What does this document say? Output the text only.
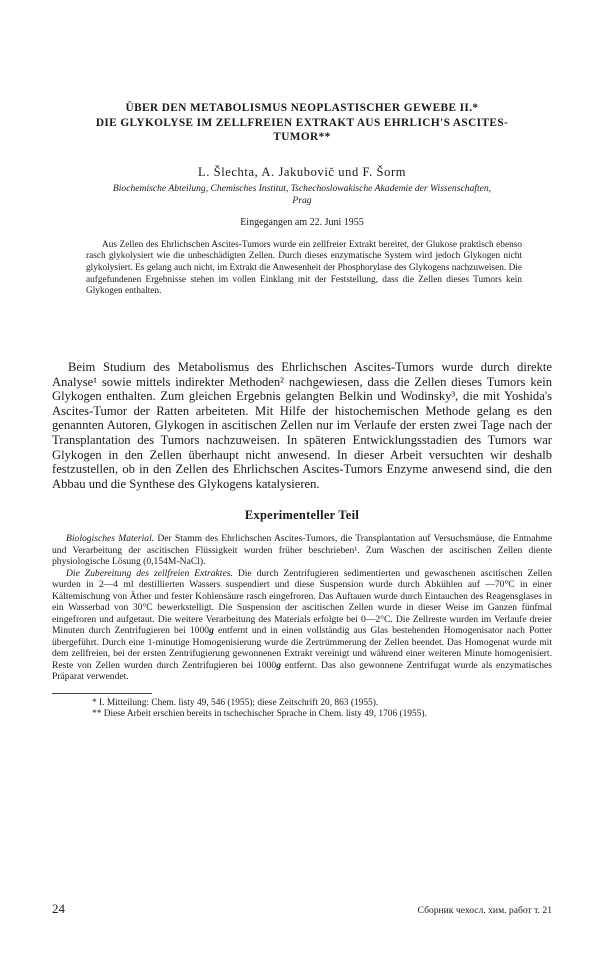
ÜBER DEN METABOLISMUS NEOPLASTISCHER GEWEBE II.*
DIE GLYKOLYSE IM ZELLFREIEN EXTRAKT AUS EHRLICH'S ASCITES-
TUMOR**
L. Šlechta, A. Jakubovič und F. Šorm
Biochemische Abteilung, Chemisches Institut, Tschechoslowakische Akademie der Wissenschaften,
Prag
Eingegangen am 22. Juni 1955

Aus Zellen des Ehrlichschen Ascites-Tumors wurde ein zellfreier Extrakt bereitet, der Glukose praktisch ebenso rasch glykolysiert wie die unbeschädigten Zellen. Durch dieses enzymatische System wird jedoch Glykogen nicht glykolysiert. Es gelang auch nicht, im Extrakt die Anwesenheit der Phosphorylase des Glykogens nachzuweisen. Die aufgefundenen Ergebnisse stehen im vollen Einklang mit der Feststellung, dass die Zellen dieses Tumors kein Glykogen enthalten.

Beim Studium des Metabolismus des Ehrlichschen Ascites-Tumors wurde durch direkte Analyse¹ sowie mittels indirekter Methoden² nachgewiesen, dass die Zellen dieses Tumors kein Glykogen enthalten. Zum gleichen Ergebnis gelangten Belkin und Wodinsky³, die mit Yoshida's Ascites-Tumor der Ratten arbeiteten. Mit Hilfe der histochemischen Methode gelang es den genannten Autoren, Glykogen in ascitischen Zellen nur im Verlaufe der ersten zwei Tage nach der Transplantation des Tumors nachzuweisen. In späteren Entwicklungsstadien des Tumors war Glykogen in den Zellen überhaupt nicht anwesend. In dieser Arbeit versuchten wir deshalb festzustellen, ob in den Zellen des Ehrlichschen Ascites-Tumors Enzyme anwesend sind, die den Abbau und die Synthese des Glykogens katalysieren.

Experimenteller Teil

Biologisches Material. Der Stamm des Ehrlichschen Ascites-Tumors, die Transplantation auf Versuchsmäuse, die Entnahme und Verarbeitung der ascitischen Flüssigkeit wurden früher beschrieben¹. Zum Waschen der ascitischen Zellen diente physiologische Lösung (0,154M-NaCl).

Die Zubereitung des zellfreien Extraktes. Die durch Zentrifugieren sedimentierten und gewaschenen ascitischen Zellen wurden in 2—4 ml destillierten Wassers suspendiert und diese Suspension wurde durch Abkühlen auf —70°C in einer Kältemischung von Äther und fester Kohlensäure rasch eingefroren. Das Auftauen wurde durch Eintauchen des Reagensglases in ein Wasserbad von 30°C bewerkstelligt. Die Suspension der ascitischen Zellen wurde in dieser Weise im Ganzen fünfmal eingefroren und aufgetaut. Die weitere Verarbeitung des Materials erfolgte bei 0—2°C. Die Zellreste wurden im Verlaufe dreier Minuten durch Zentrifugieren bei 1000g entfernt und in einen vollständig aus Glas bestehenden Homogenisator nach Potter übergeführt. Durch eine 1-minutige Homogenisierung wurde die Zertrümmerung der Zellen beendet. Das Homogenat wurde mit dem zellfreien, bei der ersten Zentrifugierung gewonnenen Extrakt vereinigt und während einer weiteren Minute homogenisiert. Reste von Zellen wurden durch Zentrifugieren bei 1000g entfernt. Das also gewonnene Zentrifugat wurde als enzymatisches Präparat verwendet.

* I. Mitteilung: Chem. listy 49, 546 (1955); diese Zeitschrift 20, 863 (1955).
** Diese Arbeit erschien bereits in tschechischer Sprache in Chem. listy 49, 1706 (1955).
24	Сборник чехосл. хим. работ т. 21
